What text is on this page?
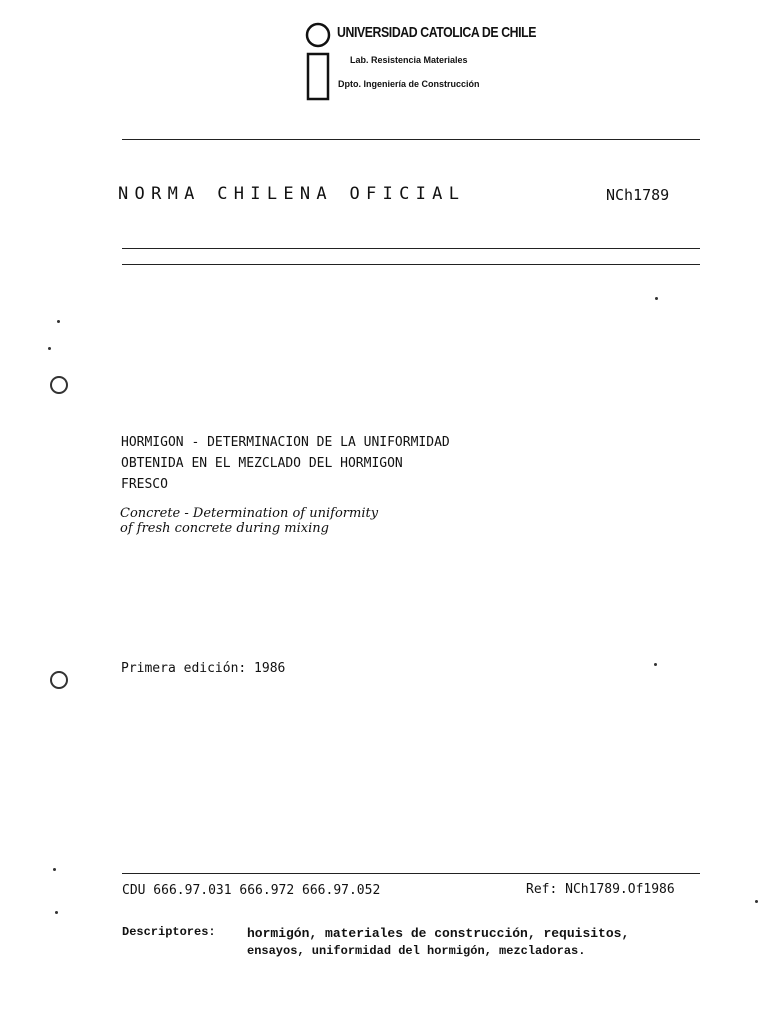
UNIVERSIDAD CATOLICA DE CHILE
Lab. Resistencia Materiales
Dpto. Ingeniería de Construcción
NORMA CHILENA OFICIAL	NCh1789
HORMIGON - DETERMINACION DE LA UNIFORMIDAD
OBTENIDA EN EL MEZCLADO DEL HORMIGON
FRESCO
Concrete - Determination of uniformity
of fresh concrete during mixing
Primera edición: 1986
CDU 666.97.031 666.972 666.97.052	Ref: NCh1789.Of1986
Descriptores: hormigón, materiales de construcción, requisitos,
ensayos, uniformidad del hormigón, mezcladoras.
